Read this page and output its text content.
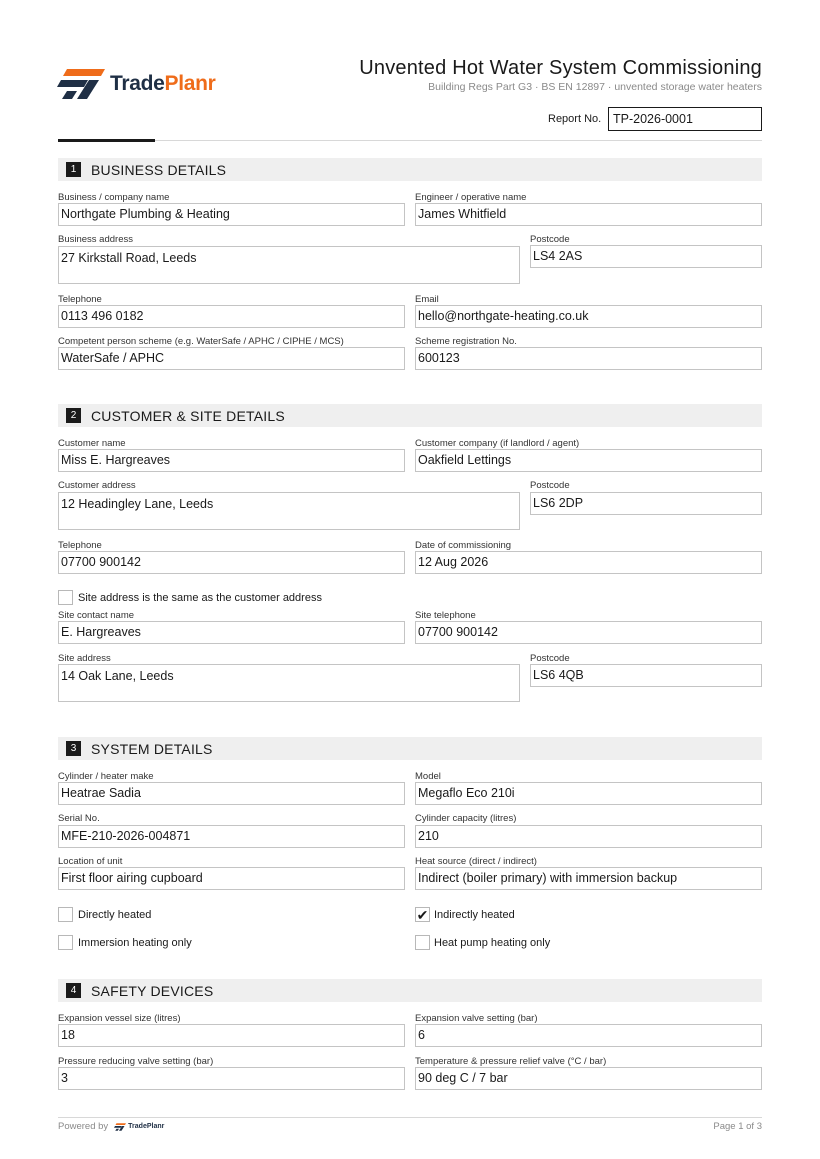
TradePlanr
Unvented Hot Water System Commissioning
Building Regs Part G3 · BS EN 12897 · unvented storage water heaters
Report No. TP-2026-0001
1	BUSINESS DETAILS
Business / company name
Northgate Plumbing & Heating
Engineer / operative name
James Whitfield
Business address
27 Kirkstall Road, Leeds
Postcode
LS4 2AS
Telephone
0113 496 0182
Email
hello@northgate-heating.co.uk
Competent person scheme (e.g. WaterSafe / APHC / CIPHE / MCS)
WaterSafe / APHC
Scheme registration No.
600123
2	CUSTOMER & SITE DETAILS
Customer name
Miss E. Hargreaves
Customer company (if landlord / agent)
Oakfield Lettings
Customer address
12 Headingley Lane, Leeds
Postcode
LS6 2DP
Telephone
07700 900142
Date of commissioning
12 Aug 2026
Site address is the same as the customer address
Site contact name
E. Hargreaves
Site telephone
07700 900142
Site address
14 Oak Lane, Leeds
Postcode
LS6 4QB
3	SYSTEM DETAILS
Cylinder / heater make
Heatrae Sadia
Model
Megaflo Eco 210i
Serial No.
MFE-210-2026-004871
Cylinder capacity (litres)
210
Location of unit
First floor airing cupboard
Heat source (direct / indirect)
Indirect (boiler primary) with immersion backup
Directly heated	✔ Indirectly heated
Immersion heating only	Heat pump heating only
4	SAFETY DEVICES
Expansion vessel size (litres)
18
Expansion valve setting (bar)
6
Pressure reducing valve setting (bar)
3
Temperature & pressure relief valve (°C / bar)
90 deg C / 7 bar
Powered by	TradePlanr	Page 1 of 3
